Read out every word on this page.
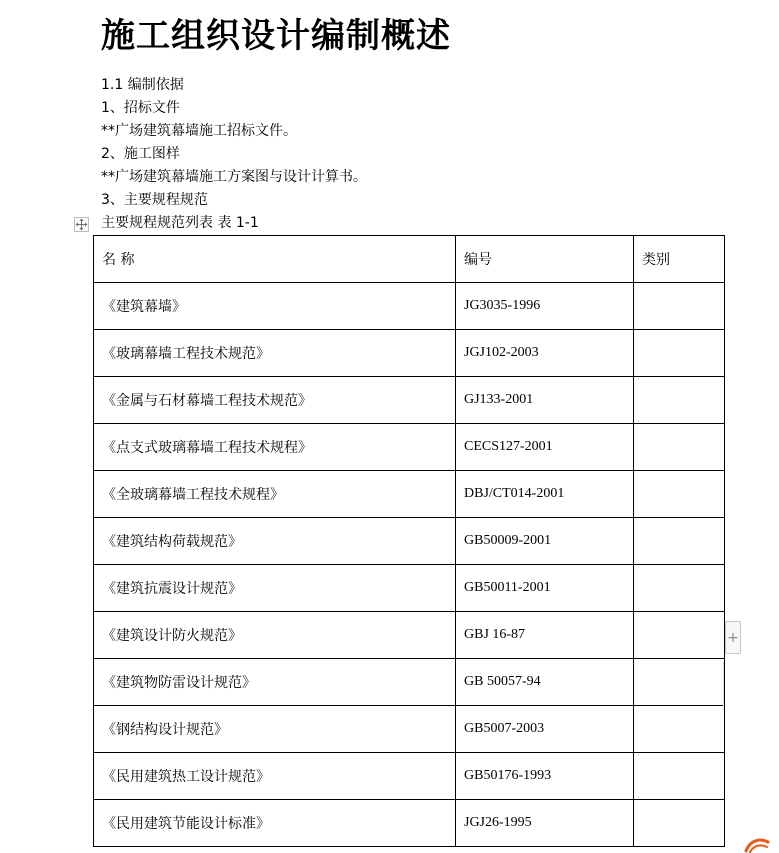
施工组织设计编制概述
1.1 编制依据
1、招标文件
**广场建筑幕墙施工招标文件。
2、施工图样
**广场建筑幕墙施工方案图与设计计算书。
3、主要规程规范
主要规程规范列表 表 1-1
名 称	编号	类别
《建筑幕墙》	JG3035-1996	
《玻璃幕墙工程技术规范》	JGJ102-2003	
《金属与石材幕墙工程技术规范》	GJ133-2001	
《点支式玻璃幕墙工程技术规程》	CECS127-2001	
《全玻璃幕墙工程技术规程》	DBJ/CT014-2001	
《建筑结构荷载规范》	GB50009-2001	
《建筑抗震设计规范》	GB50011-2001	
《建筑设计防火规范》	GBJ 16-87	
《建筑物防雷设计规范》	GB 50057-94	
《钢结构设计规范》	GB5007-2003	
《民用建筑热工设计规范》	GB50176-1993	
《民用建筑节能设计标准》	JGJ26-1995	
+
